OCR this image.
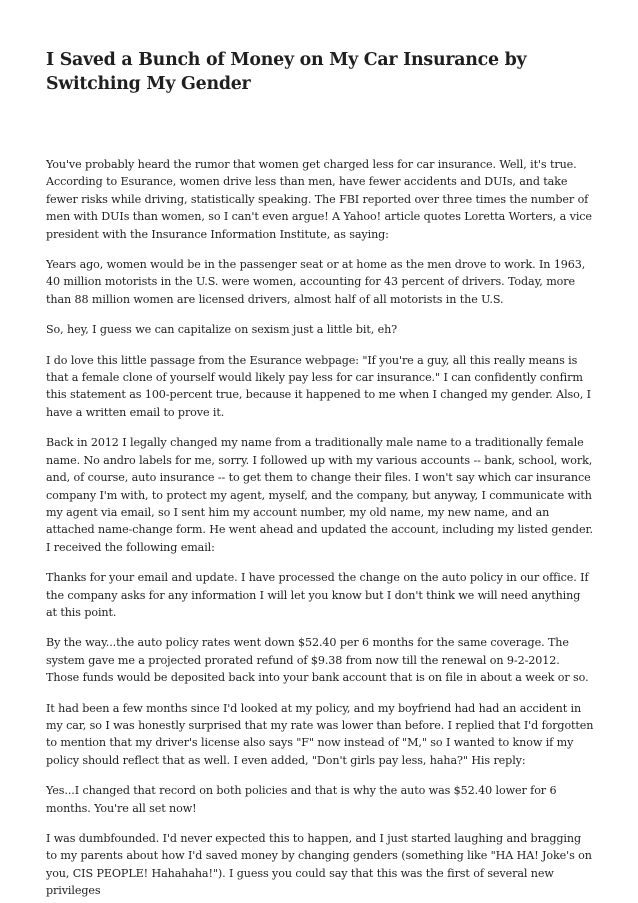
I Saved a Bunch of Money on My Car Insurance by Switching My Gender

You've probably heard the rumor that women get charged less for car insurance. Well, it's true. According to Esurance, women drive less than men, have fewer accidents and DUIs, and take fewer risks while driving, statistically speaking. The FBI reported over three times the number of men with DUIs than women, so I can't even argue! A Yahoo! article quotes Loretta Worters, a vice president with the Insurance Information Institute, as saying:

Years ago, women would be in the passenger seat or at home as the men drove to work. In 1963, 40 million motorists in the U.S. were women, accounting for 43 percent of drivers. Today, more than 88 million women are licensed drivers, almost half of all motorists in the U.S.

So, hey, I guess we can capitalize on sexism just a little bit, eh?

I do love this little passage from the Esurance webpage: "If you're a guy, all this really means is that a female clone of yourself would likely pay less for car insurance." I can confidently confirm this statement as 100-percent true, because it happened to me when I changed my gender. Also, I have a written email to prove it.

Back in 2012 I legally changed my name from a traditionally male name to a traditionally female name. No andro labels for me, sorry. I followed up with my various accounts -- bank, school, work, and, of course, auto insurance -- to get them to change their files. I won't say which car insurance company I'm with, to protect my agent, myself, and the company, but anyway, I communicate with my agent via email, so I sent him my account number, my old name, my new name, and an attached name-change form. He went ahead and updated the account, including my listed gender. I received the following email:

Thanks for your email and update. I have processed the change on the auto policy in our office. If the company asks for any information I will let you know but I don't think we will need anything at this point.

By the way...the auto policy rates went down $52.40 per 6 months for the same coverage. The system gave me a projected prorated refund of $9.38 from now till the renewal on 9-2-2012. Those funds would be deposited back into your bank account that is on file in about a week or so.

It had been a few months since I'd looked at my policy, and my boyfriend had had an accident in my car, so I was honestly surprised that my rate was lower than before. I replied that I'd forgotten to mention that my driver's license also says "F" now instead of "M," so I wanted to know if my policy should reflect that as well. I even added, "Don't girls pay less, haha?" His reply:

Yes...I changed that record on both policies and that is why the auto was $52.40 lower for 6 months. You're all set now!

I was dumbfounded. I'd never expected this to happen, and I just started laughing and bragging to my parents about how I'd saved money by changing genders (something like "HA HA! Joke's on you, CIS PEOPLE! Hahahaha!"). I guess you could say that this was the first of several new privileges
